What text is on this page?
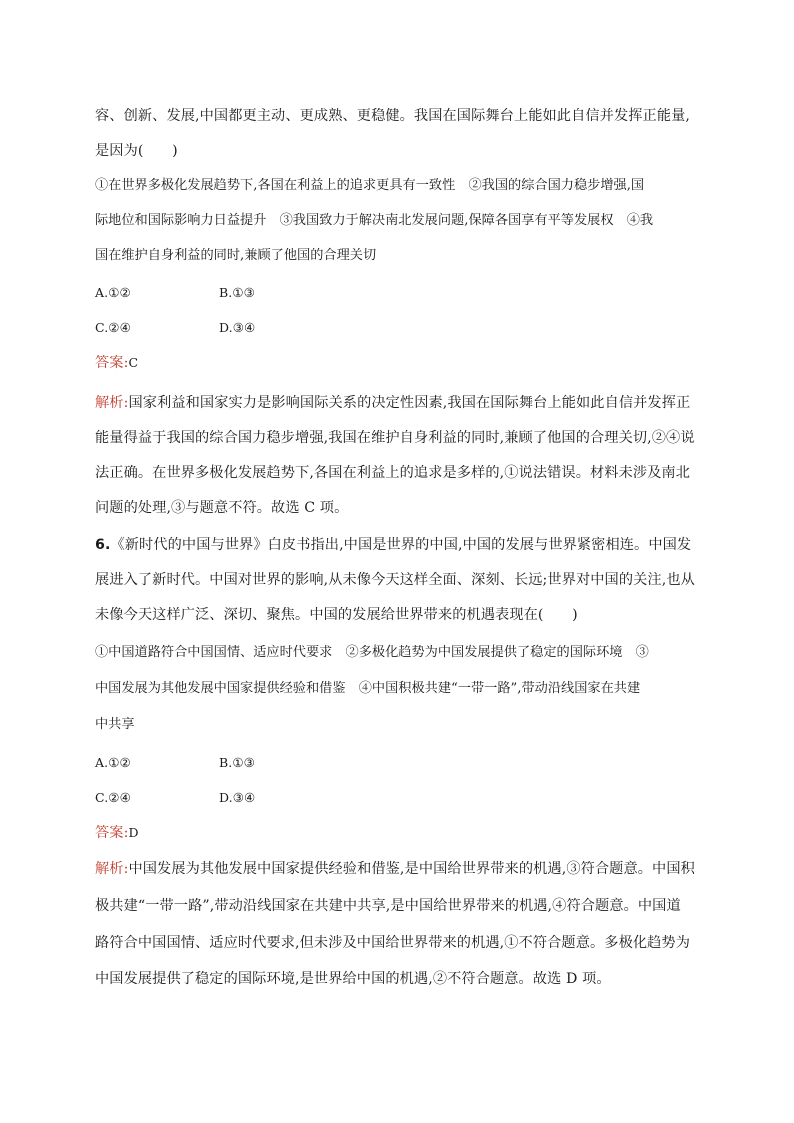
容、创新、发展,中国都更主动、更成熟、更稳健。我国在国际舞台上能如此自信并发挥正能量,
是因为(　　)
①在世界多极化发展趋势下,各国在利益上的追求更具有一致性　②我国的综合国力稳步增强,国
际地位和国际影响力日益提升　③我国致力于解决南北发展问题,保障各国享有平等发展权　④我
国在维护自身利益的同时,兼顾了他国的合理关切
A.①②	B.①③
C.②④	D.③④
答案:C
解析:国家利益和国家实力是影响国际关系的决定性因素,我国在国际舞台上能如此自信并发挥正
能量得益于我国的综合国力稳步增强,我国在维护自身利益的同时,兼顾了他国的合理关切,②④说
法正确。在世界多极化发展趋势下,各国在利益上的追求是多样的,①说法错误。材料未涉及南北
问题的处理,③与题意不符。故选 C 项。
6.《新时代的中国与世界》白皮书指出,中国是世界的中国,中国的发展与世界紧密相连。中国发
展进入了新时代。中国对世界的影响,从未像今天这样全面、深刻、长远;世界对中国的关注,也从
未像今天这样广泛、深切、聚焦。中国的发展给世界带来的机遇表现在(　　)
①中国道路符合中国国情、适应时代要求　②多极化趋势为中国发展提供了稳定的国际环境　③
中国发展为其他发展中国家提供经验和借鉴　④中国积极共建“一带一路”,带动沿线国家在共建
中共享
A.①②	B.①③
C.②④	D.③④
答案:D
解析:中国发展为其他发展中国家提供经验和借鉴,是中国给世界带来的机遇,③符合题意。中国积
极共建“一带一路”,带动沿线国家在共建中共享,是中国给世界带来的机遇,④符合题意。中国道
路符合中国国情、适应时代要求,但未涉及中国给世界带来的机遇,①不符合题意。多极化趋势为
中国发展提供了稳定的国际环境,是世界给中国的机遇,②不符合题意。故选 D 项。
